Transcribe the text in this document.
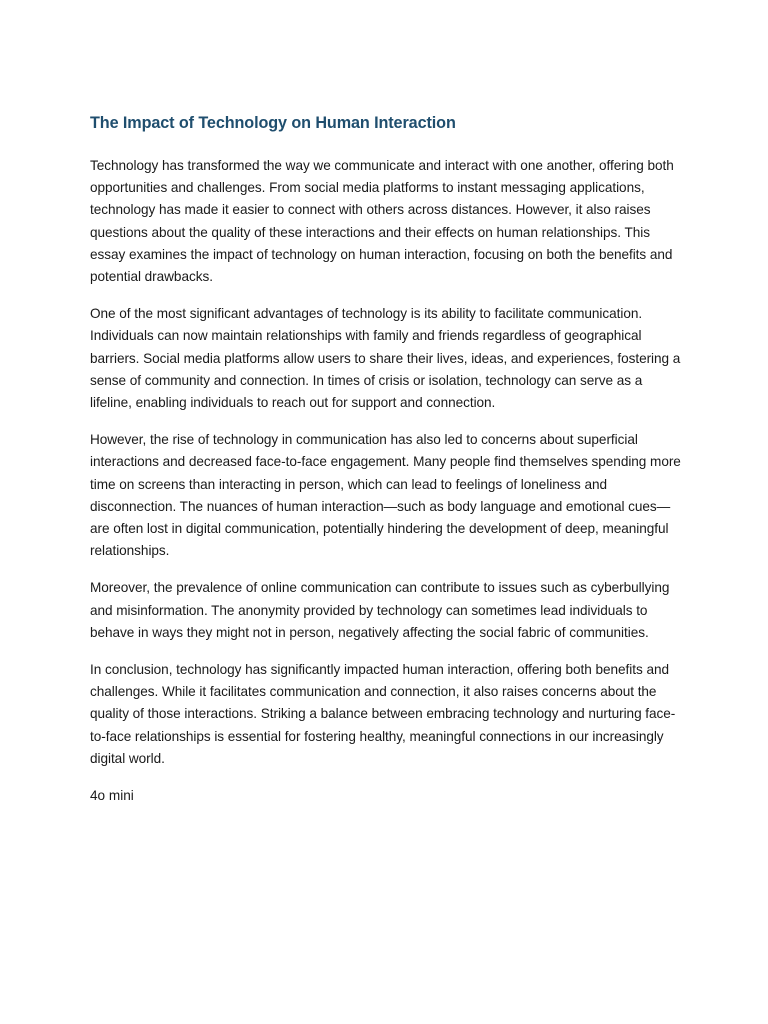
The Impact of Technology on Human Interaction

Technology has transformed the way we communicate and interact with one another, offering both opportunities and challenges. From social media platforms to instant messaging applications, technology has made it easier to connect with others across distances. However, it also raises questions about the quality of these interactions and their effects on human relationships. This essay examines the impact of technology on human interaction, focusing on both the benefits and potential drawbacks.

One of the most significant advantages of technology is its ability to facilitate communication. Individuals can now maintain relationships with family and friends regardless of geographical barriers. Social media platforms allow users to share their lives, ideas, and experiences, fostering a sense of community and connection. In times of crisis or isolation, technology can serve as a lifeline, enabling individuals to reach out for support and connection.

However, the rise of technology in communication has also led to concerns about superficial interactions and decreased face-to-face engagement. Many people find themselves spending more time on screens than interacting in person, which can lead to feelings of loneliness and disconnection. The nuances of human interaction—such as body language and emotional cues—are often lost in digital communication, potentially hindering the development of deep, meaningful relationships.

Moreover, the prevalence of online communication can contribute to issues such as cyberbullying and misinformation. The anonymity provided by technology can sometimes lead individuals to behave in ways they might not in person, negatively affecting the social fabric of communities.

In conclusion, technology has significantly impacted human interaction, offering both benefits and challenges. While it facilitates communication and connection, it also raises concerns about the quality of those interactions. Striking a balance between embracing technology and nurturing face-to-face relationships is essential for fostering healthy, meaningful connections in our increasingly digital world.

4o mini
